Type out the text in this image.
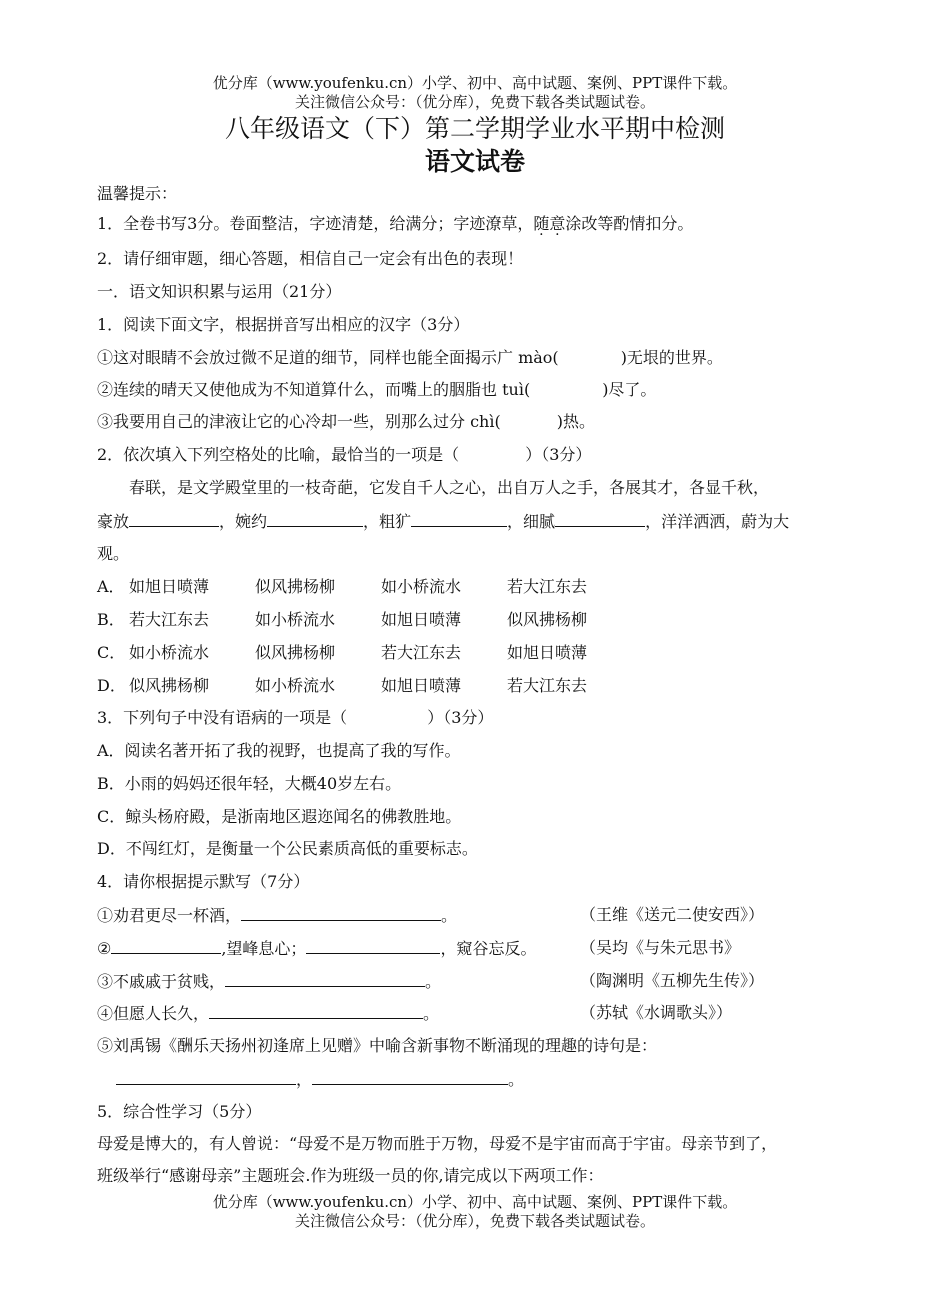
优分库（www.youfenku.cn）小学、初中、高中试题、案例、PPT课件下载。
关注微信公众号：（优分库），免费下载各类试题试卷。
八年级语文（下）第二学期学业水平期中检测
语文试卷
温馨提示：
1．全卷书写3分。卷面整洁，字迹清楚，给满分；字迹潦草，随意涂改等酌情扣分。
2．请仔细审题，细心答题，相信自己一定会有出色的表现！
一．语文知识积累与运用（21分）
1．阅读下面文字，根据拼音写出相应的汉字（3分）
①这对眼睛不会放过微不足道的细节，同样也能全面揭示广 mào(	)无垠的世界。
②连续的晴天又使他成为不知道算什么，而嘴上的胭脂也 tuì(	)尽了。
③我要用自己的津液让它的心冷却一些，别那么过分 chì(	)热。
2．依次填入下列空格处的比喻，最恰当的一项是（	）（3分）
春联，是文学殿堂里的一枝奇葩，它发自千人之心，出自万人之手，各展其才，各显千秋，
豪放	，婉约	，粗犷	，细腻	，洋洋洒洒，蔚为大
观。
A． 如旭日喷薄	似风拂杨柳	如小桥流水	若大江东去
B． 若大江东去	如小桥流水	如旭日喷薄	似风拂杨柳
C． 如小桥流水	似风拂杨柳	若大江东去	如旭日喷薄
D． 似风拂杨柳	如小桥流水	如旭日喷薄	若大江东去
3．下列句子中没有语病的一项是（	）（3分）
A．阅读名著开拓了我的视野，也提高了我的写作。
B．小雨的妈妈还很年轻，大概40岁左右。
C．鲸头杨府殿，是浙南地区遐迩闻名的佛教胜地。
D．不闯红灯，是衡量一个公民素质高低的重要标志。
4．请你根据提示默写（7分）
①劝君更尽一杯酒，	。	（王维《送元二使安西》）
②	,望峰息心；	，窥谷忘反。	（吴均《与朱元思书》
③不戚戚于贫贱，	。	（陶渊明《五柳先生传》）
④但愿人长久，	。	（苏轼《水调歌头》）
⑤刘禹锡《酬乐天扬州初逢席上见赠》中喻含新事物不断涌现的理趣的诗句是：
，	。
5．综合性学习（5分）
母爱是博大的，有人曾说：“母爱不是万物而胜于万物，母爱不是宇宙而高于宇宙。母亲节到了，
班级举行“感谢母亲”主题班会.作为班级一员的你,请完成以下两项工作：
优分库（www.youfenku.cn）小学、初中、高中试题、案例、PPT课件下载。
关注微信公众号：（优分库），免费下载各类试题试卷。
